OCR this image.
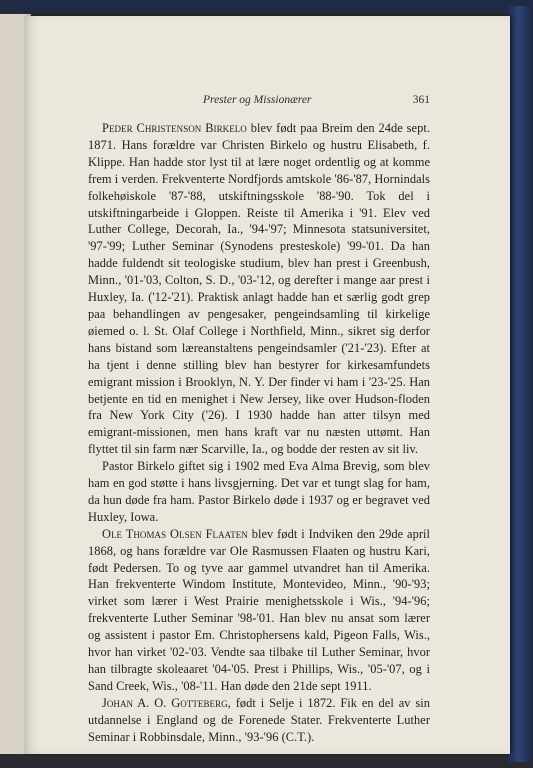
Prester og Missionærer	361

Peder Christenson Birkelo blev født paa Breim den 24de sept. 1871. Hans forældre var Christen Birkelo og hustru Elisabeth, f. Klippe. Han hadde stor lyst til at lære noget ordentlig og at komme frem i verden. Frekventerte Nordfjords amtskole '86-'87, Hornindals folkehøiskole '87-'88, utskiftningsskole '88-'90. Tok del i utskiftningarbeide i Gloppen. Reiste til Amerika i '91. Elev ved Luther College, Decorah, Ia., '94-'97; Minnesota statsuniversitet, '97-'99; Luther Seminar (Synodens presteskole) '99-'01. Da han hadde fuldendt sit teologiske studium, blev han prest i Greenbush, Minn., '01-'03, Colton, S. D., '03-'12, og derefter i mange aar prest i Huxley, Ia. ('12-'21). Praktisk anlagt hadde han et særlig godt grep paa behandlingen av pengesaker, pengeindsamling til kirkelige øiemed o. l. St. Olaf College i Northfield, Minn., sikret sig derfor hans bistand som læreanstaltens pengeindsamler ('21-'23). Efter at ha tjent i denne stilling blev han bestyrer for kirkesamfundets emigrant mission i Brooklyn, N. Y. Der finder vi ham i '23-'25. Han betjente en tid en menighet i New Jersey, like over Hudson-floden fra New York City ('26). I 1930 hadde han atter tilsyn med emigrant-missionen, men hans kraft var nu næsten uttømt. Han flyttet til sin farm nær Scarville, Ia., og bodde der resten av sit liv.

Pastor Birkelo giftet sig i 1902 med Eva Alma Brevig, som blev ham en god støtte i hans livsgjerning. Det var et tungt slag for ham, da hun døde fra ham. Pastor Birkelo døde i 1937 og er begravet ved Huxley, Iowa.

Ole Thomas Olsen Flaaten blev født i Indviken den 29de april 1868, og hans forældre var Ole Rasmussen Flaaten og hustru Kari, født Pedersen. To og tyve aar gammel utvandret han til Amerika. Han frekventerte Windom Institute, Montevideo, Minn., '90-'93; virket som lærer i West Prairie menighetsskole i Wis., '94-'96; frekventerte Luther Seminar '98-'01. Han blev nu ansat som lærer og assistent i pastor Em. Christophersens kald, Pigeon Falls, Wis., hvor han virket '02-'03. Vendte saa tilbake til Luther Seminar, hvor han tilbragte skoleaaret '04-'05. Prest i Phillips, Wis., '05-'07, og i Sand Creek, Wis., '08-'11. Han døde den 21de sept 1911.

Johan A. O. Gotteberg, født i Selje i 1872. Fik en del av sin utdannelse i England og de Forenede Stater. Frekventerte Luther Seminar i Robbinsdale, Minn., '93-'96 (C.T.).
